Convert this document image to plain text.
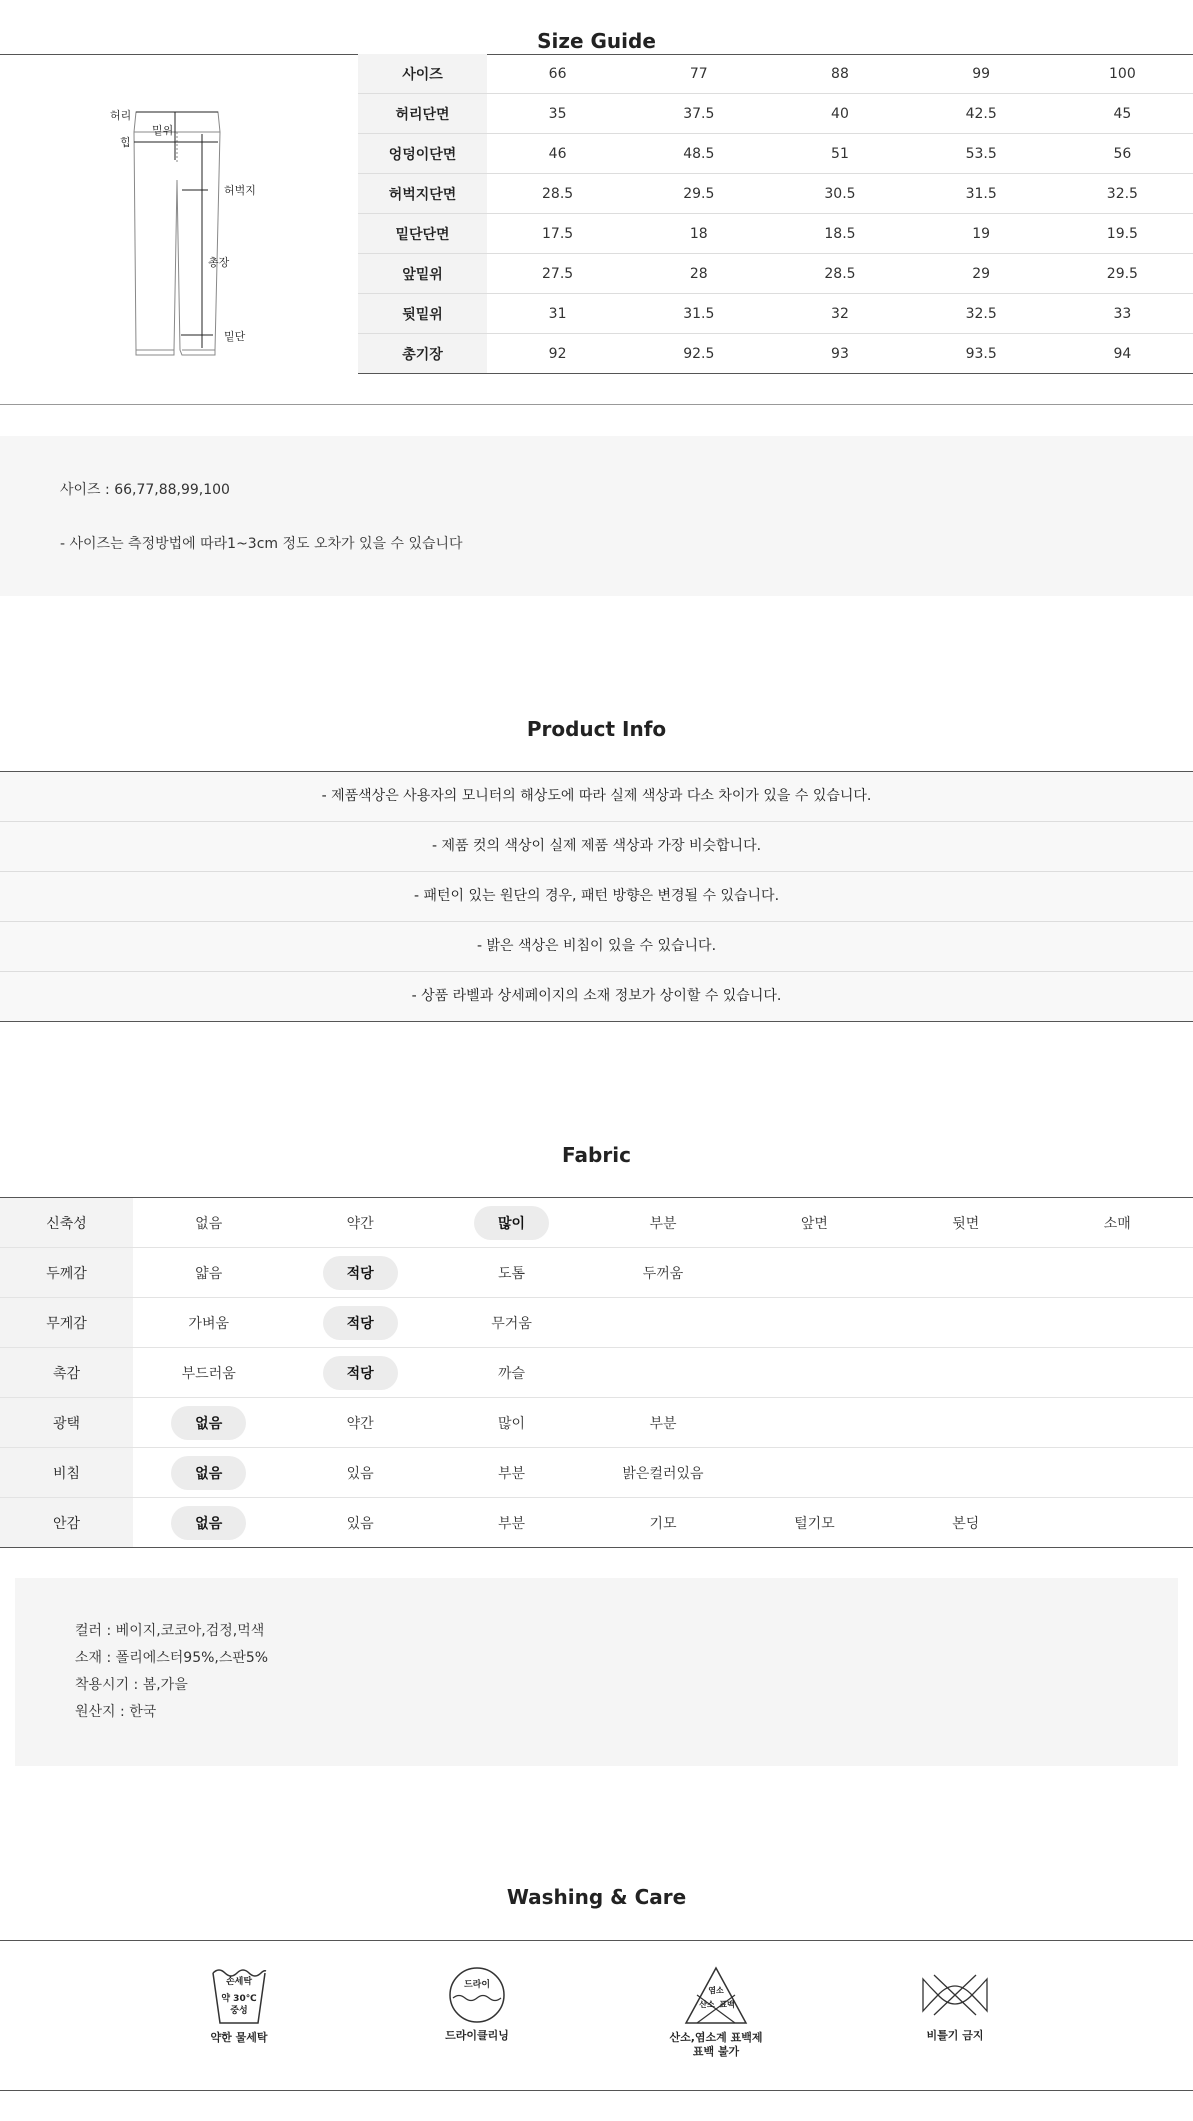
Size Guide
허리
힙
밑위
허벅지
총장
밑단
사이즈	66	77	88	99	100
허리단면	35	37.5	40	42.5	45
엉덩이단면	46	48.5	51	53.5	56
허벅지단면	28.5	29.5	30.5	31.5	32.5
밑단단면	17.5	18	18.5	19	19.5
앞밑위	27.5	28	28.5	29	29.5
뒷밑위	31	31.5	32	32.5	33
총기장	92	92.5	93	93.5	94

사이즈 : 66,77,88,99,100

- 사이즈는 측정방법에 따라1~3cm 정도 오차가 있을 수 있습니다

Product Info
- 제품색상은 사용자의 모니터의 해상도에 따라 실제 색상과 다소 차이가 있을 수 있습니다.
- 제품 컷의 색상이 실제 제품 색상과 가장 비슷합니다.
- 패턴이 있는 원단의 경우, 패턴 방향은 변경될 수 있습니다.
- 밝은 색상은 비침이 있을 수 있습니다.
- 상품 라벨과 상세페이지의 소재 정보가 상이할 수 있습니다.
Fabric
신축성	없음	약간	많이	부분	앞면	뒷면	소매
두께감	얇음	적당	도톰	두꺼움			
무게감	가벼움	적당	무거움				
촉감	부드러움	적당	까슬				
광택	없음	약간	많이	부분			
비침	없음	있음	부분	밝은컬러있음			
안감	없음	있음	부분	기모	털기모	본딩	

컬러 : 베이지,코코아,검정,먹색

소재 : 폴리에스터95%,스판5%

착용시기 : 봄,가을

원산지 : 한국

Washing & Care
손세탁
약 30℃
중성
약한 물세탁
드라이
드라이클리닝
염소
산소 표백
산소,염소계 표백제
표백 불가
비틀기 금지
